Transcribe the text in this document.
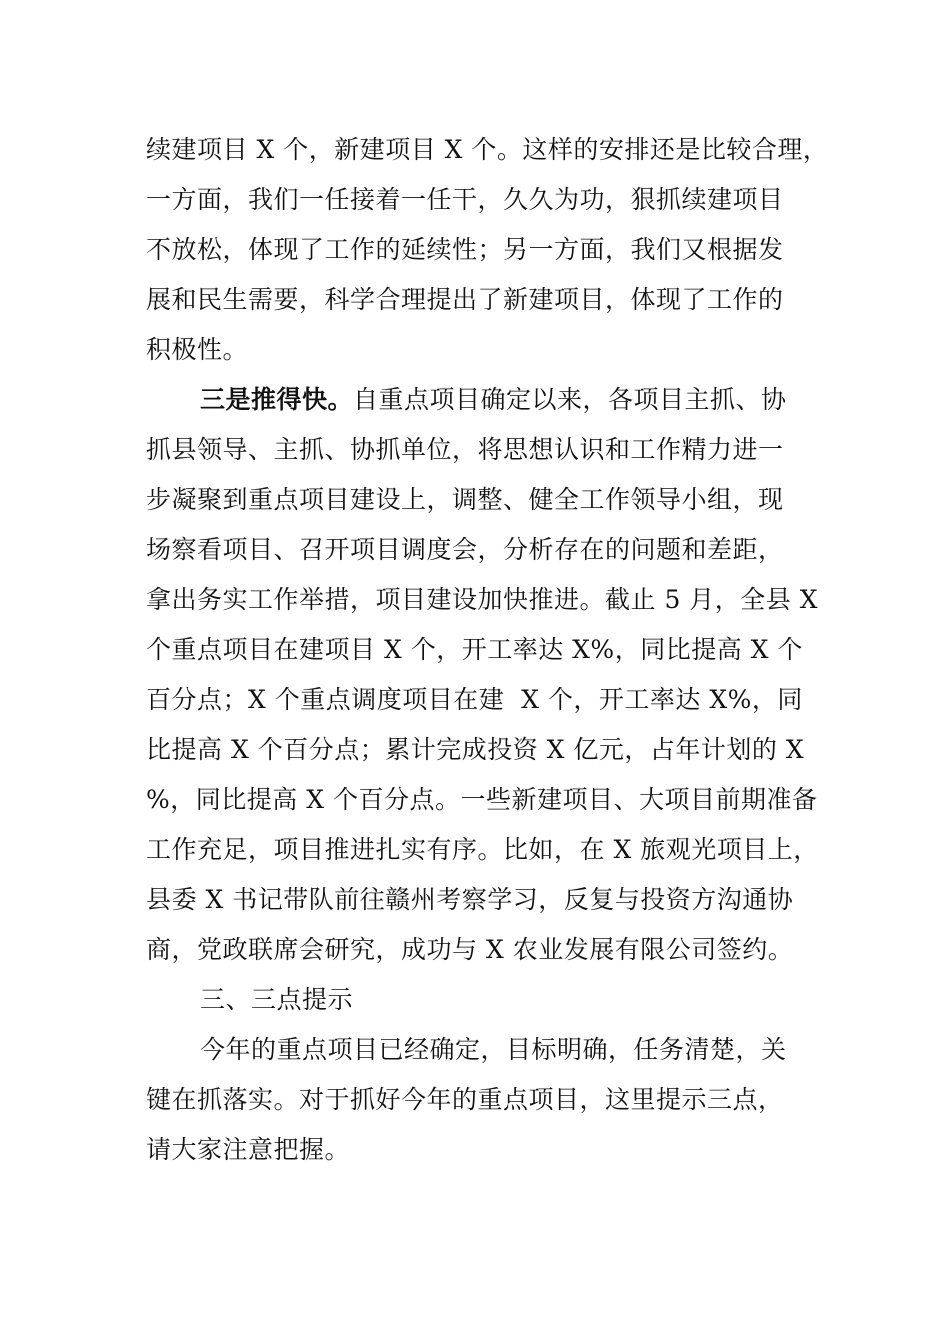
续建项目 X 个，新建项目 X 个。这样的安排还是比较合理，
一方面，我们一任接着一任干，久久为功，狠抓续建项目
不放松，体现了工作的延续性；另一方面，我们又根据发
展和民生需要，科学合理提出了新建项目，体现了工作的
积极性。
三是推得快。自重点项目确定以来，各项目主抓、协
抓县领导、主抓、协抓单位，将思想认识和工作精力进一
步凝聚到重点项目建设上，调整、健全工作领导小组，现
场察看项目、召开项目调度会，分析存在的问题和差距，
拿出务实工作举措，项目建设加快推进。截止 5 月，全县 X
个重点项目在建项目 X 个，开工率达 X%，同比提高 X 个
百分点；X 个重点调度项目在建  X 个，开工率达 X%，同
比提高 X 个百分点；累计完成投资 X 亿元，占年计划的 X
%，同比提高 X 个百分点。一些新建项目、大项目前期准备
工作充足，项目推进扎实有序。比如，在 X 旅观光项目上，
县委 X 书记带队前往赣州考察学习，反复与投资方沟通协
商，党政联席会研究，成功与 X 农业发展有限公司签约。
三、三点提示
今年的重点项目已经确定，目标明确，任务清楚，关
键在抓落实。对于抓好今年的重点项目，这里提示三点，
请大家注意把握。
